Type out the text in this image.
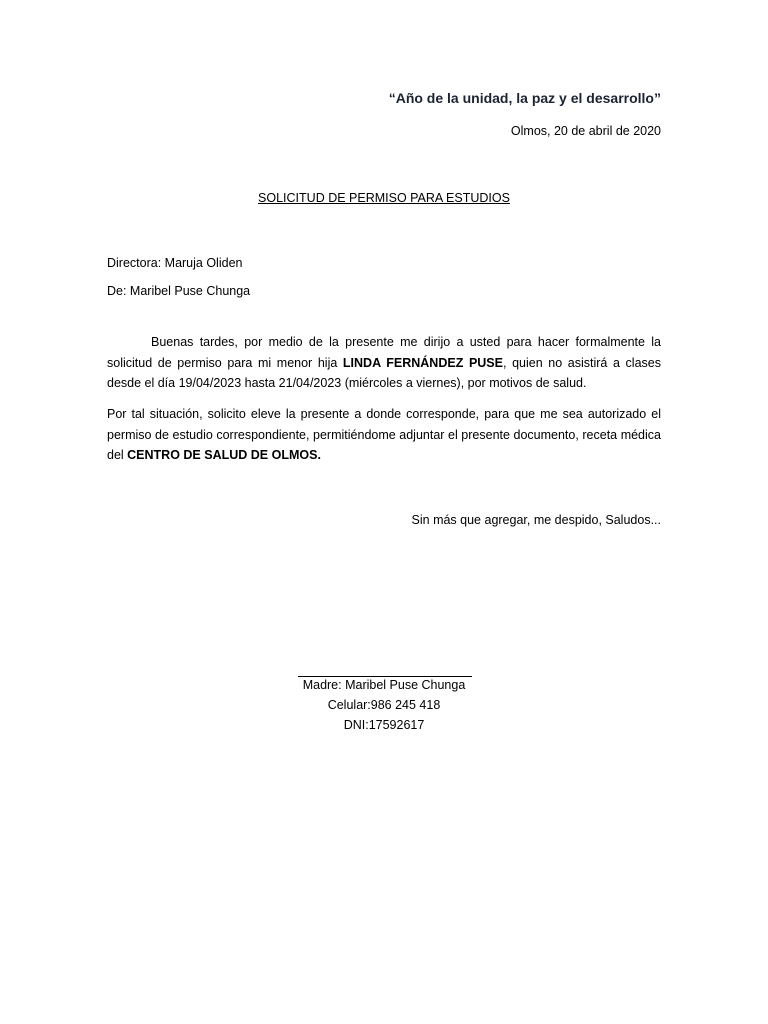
“Año de la unidad, la paz y el desarrollo”
Olmos, 20 de abril de 2020
SOLICITUD DE PERMISO PARA ESTUDIOS
Directora: Maruja Oliden
De: Maribel Puse Chunga
Buenas tardes, por medio de la presente me dirijo a usted para hacer formalmente la solicitud de permiso para mi menor hija LINDA FERNÁNDEZ PUSE, quien no asistirá a clases desde el día 19/04/2023 hasta 21/04/2023 (miércoles a viernes), por motivos de salud.
Por tal situación, solicito eleve la presente a donde corresponde, para que me sea autorizado el permiso de estudio correspondiente, permitiéndome adjuntar el presente documento, receta médica del CENTRO DE SALUD DE OLMOS.
Sin más que agregar, me despido, Saludos...
Madre: Maribel Puse Chunga
Celular:986 245 418
DNI:17592617
